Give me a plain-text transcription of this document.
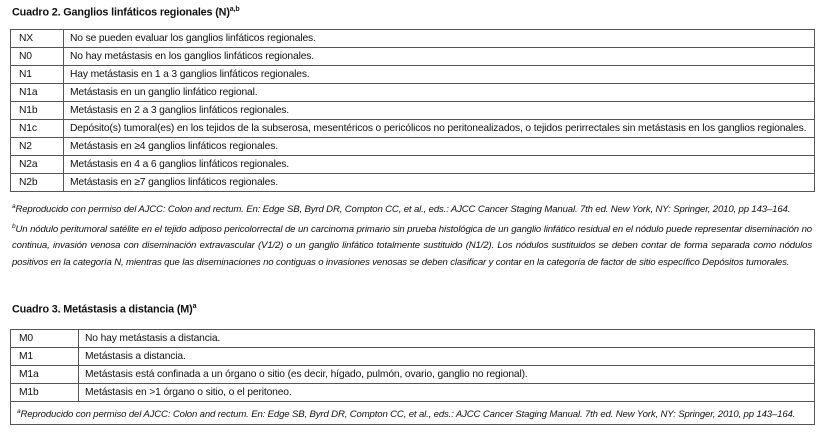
Cuadro 2. Ganglios linfáticos regionales $(N)^{a,b}$
NX	No se pueden evaluar los ganglios linfáticos regionales.
N0	No hay metástasis en los ganglios linfáticos regionales.
N1	Hay metástasis en 1 a 3 ganglios linfáticos regionales.
N1a	Metástasis en un ganglio linfático regional.
N1b	Metástasis en 2 a 3 ganglios linfáticos regionales.
N1c	Depósito(s) tumoral(es) en los tejidos de la subserosa, mesentéricos o pericólicos no peritonealizados, o tejidos perirrectales sin metástasis en los ganglios regionales.
N2	Metástasis en ≥4 ganglios linfáticos regionales.
N2a	Metástasis en 4 a 6 ganglios linfáticos regionales.
N2b	Metástasis en ≥7 ganglios linfáticos regionales.
$^a$Reproducido con permiso del AJCC: Colon and rectum. En: Edge SB, Byrd DR, Compton CC, et al., eds.: AJCC Cancer Staging Manual. 7th ed. New York, NY: Springer, 2010, pp 143–164.
$^b$Un nódulo peritumoral satélite en el tejido adiposo pericolorrectal de un carcinoma primario sin prueba histológica de un ganglio linfático residual en el nódulo puede representar diseminación no continua, invasión venosa con diseminación extravascular (V1/2) o un ganglio linfático totalmente sustituido (N1/2). Los nódulos sustituidos se deben contar de forma separada como nódulos positivos en la categoría N, mientras que las diseminaciones no contiguas o invasiones venosas se deben clasificar y contar en la categoría de factor de sitio específico Depósitos tumorales.
Cuadro 3. Metástasis a distancia $(M)^a$
M0	No hay metástasis a distancia.
M1	Metástasis a distancia.
M1a	Metástasis está confinada a un órgano o sitio (es decir, hígado, pulmón, ovario, ganglio no regional).
M1b	Metástasis en >1 órgano o sitio, o el peritoneo.
$^a$Reproducido con permiso del AJCC: Colon and rectum. En: Edge SB, Byrd DR, Compton CC, et al., eds.: AJCC Cancer Staging Manual. 7th ed. New York, NY: Springer, 2010, pp 143–164.	
